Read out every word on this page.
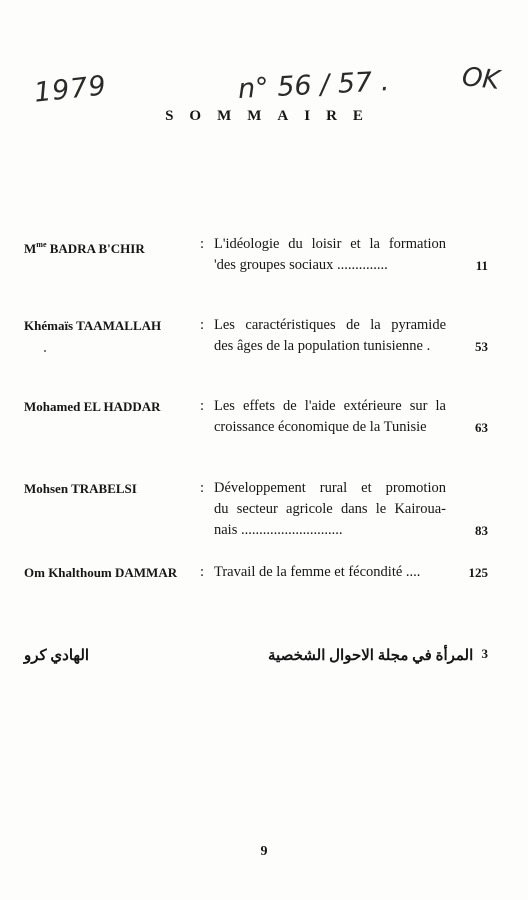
1979	n° 56 / 57 .	OK
SOMMAIRE
$M^{me}$ BADRA B'CHIR	: L'idéologie du loisir et la formation
'des groupes sociaux ..............	11
Khémaïs TAAMALLAH	: Les caractéristiques de la pyramide
des âges de la population tunisienne .	53
Mohamed EL HADDAR	: Les effets de l'aide extérieure sur la
croissance économique de la Tunisie	63
Mohsen TRABELSI	: Développement rural et promotion
du secteur agricole dans le Kairoua-
nais ............................	83
Om Khalthoum DAMMAR : Travail de la femme et fécondité ....	125
الهادي كرو	المرأة في مجلة الاحوال الشخصية 3
9
